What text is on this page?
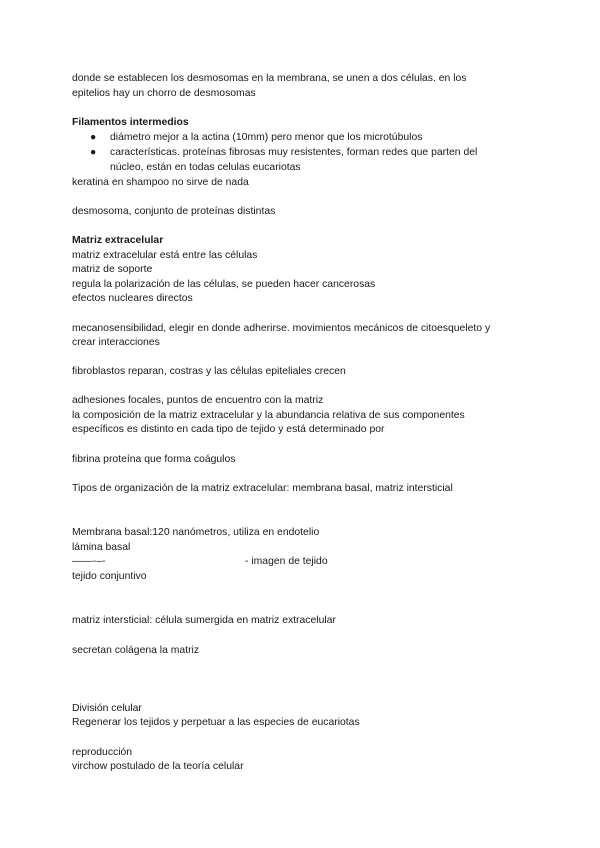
donde se establecen los desmosomas en la membrana, se unen a dos células. en los
epitelios hay un chorro de desmosomas
Filamentos intermedios
● diámetro mejor a la actina (10mm) pero menor que los microtúbulos
● características. proteínas fibrosas muy resistentes, forman redes que parten del
núcleo, están en todas celulas eucariotas
keratina en shampoo no sirve de nada
desmosoma, conjunto de proteínas distintas
Matriz extracelular
matriz extracelular está entre las células
matriz de soporte
regula la polarización de las células, se pueden hacer cancerosas
efectos nucleares directos
mecanosensibilidad, elegir en donde adherirse. movimientos mecánicos de citoesqueleto y
crear interacciones
fibroblastos reparan, costras y las células epiteliales crecen
adhesiones focales, puntos de encuentro con la matriz
la composición de la matriz extracelular y la abundancia relativa de sus componentes
específicos es distinto en cada tipo de tejido y está determinado por
fibrina proteína que forma coágulos
Tipos de organización de la matriz extracelular: membrana basal, matriz intersticial
Membrana basal:120 nanómetros, utiliza en endotelio
lámina basal
——-–-	- imagen de tejido
tejido conjuntivo
matriz intersticial: célula sumergida en matriz extracelular
secretan colágena la matriz
División celular
Regenerar los tejidos y perpetuar a las especies de eucariotas
reproducción
virchow postulado de la teoría celular
